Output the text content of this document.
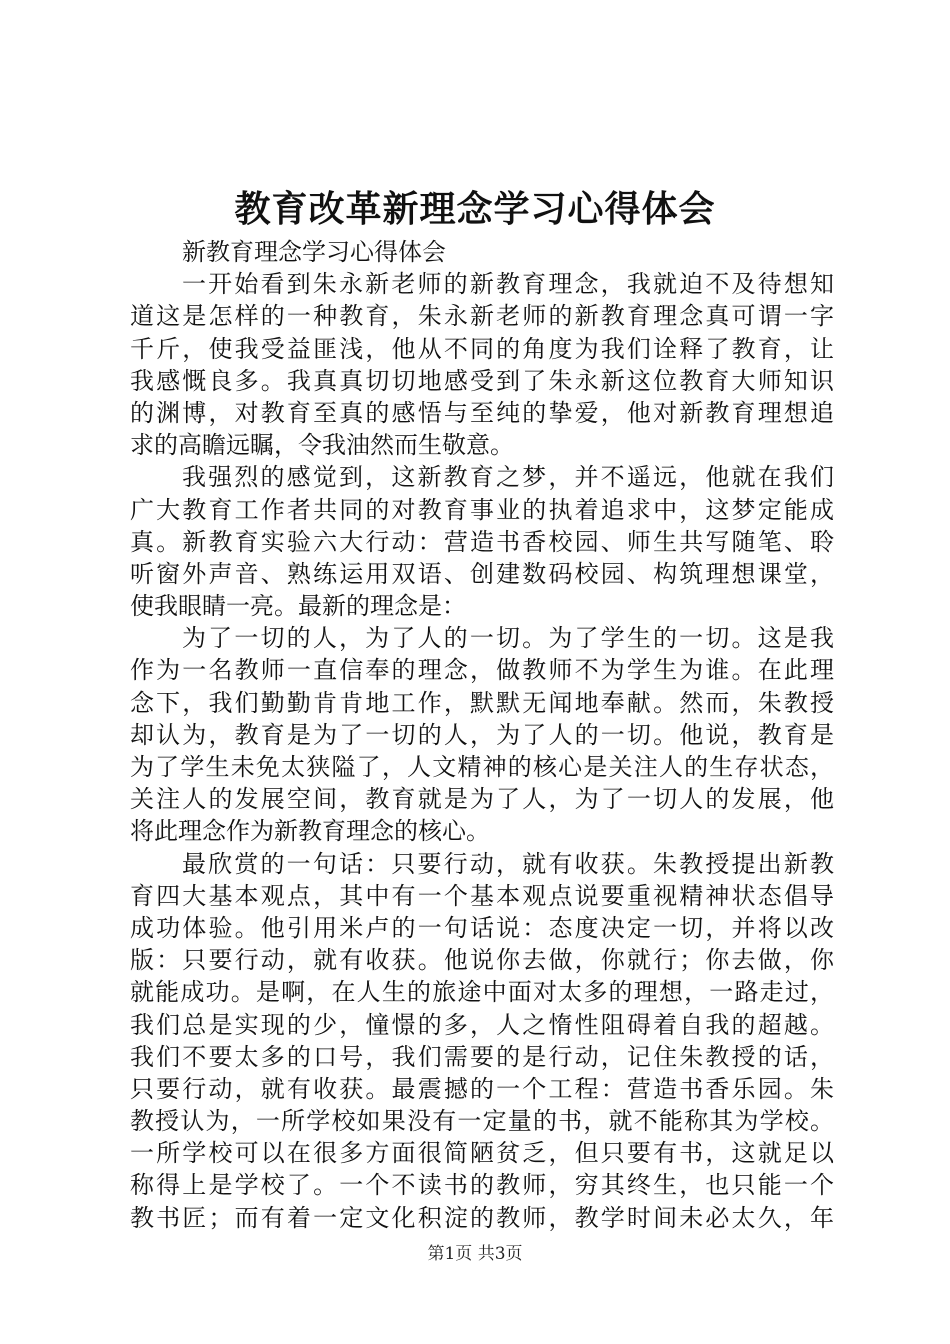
教育改革新理念学习心得体会
新教育理念学习心得体会
一开始看到朱永新老师的新教育理念，我就迫不及待想知
道这是怎样的一种教育，朱永新老师的新教育理念真可谓一字
千斤，使我受益匪浅，他从不同的角度为我们诠释了教育，让
我感慨良多。我真真切切地感受到了朱永新这位教育大师知识
的渊博，对教育至真的感悟与至纯的挚爱，他对新教育理想追
求的高瞻远瞩，令我油然而生敬意。
我强烈的感觉到，这新教育之梦，并不遥远，他就在我们
广大教育工作者共同的对教育事业的执着追求中，这梦定能成
真。新教育实验六大行动：营造书香校园、师生共写随笔、聆
听窗外声音、熟练运用双语、创建数码校园、构筑理想课堂，
使我眼睛一亮。最新的理念是：
为了一切的人，为了人的一切。为了学生的一切。这是我
作为一名教师一直信奉的理念，做教师不为学生为谁。在此理
念下，我们勤勤肯肯地工作，默默无闻地奉献。然而，朱教授
却认为，教育是为了一切的人，为了人的一切。他说，教育是
为了学生未免太狭隘了，人文精神的核心是关注人的生存状态，
关注人的发展空间，教育就是为了人，为了一切人的发展，他
将此理念作为新教育理念的核心。
最欣赏的一句话：只要行动，就有收获。朱教授提出新教
育四大基本观点，其中有一个基本观点说要重视精神状态倡导
成功体验。他引用米卢的一句话说：态度决定一切，并将以改
版：只要行动，就有收获。他说你去做，你就行；你去做，你
就能成功。是啊，在人生的旅途中面对太多的理想，一路走过，
我们总是实现的少，憧憬的多，人之惰性阻碍着自我的超越。
我们不要太多的口号，我们需要的是行动，记住朱教授的话，
只要行动，就有收获。最震撼的一个工程：营造书香乐园。朱
教授认为，一所学校如果没有一定量的书，就不能称其为学校。
一所学校可以在很多方面很简陋贫乏，但只要有书，这就足以
称得上是学校了。一个不读书的教师，穷其终生，也只能一个
教书匠；而有着一定文化积淀的教师，教学时间未必太久，年
第1页 共3页
